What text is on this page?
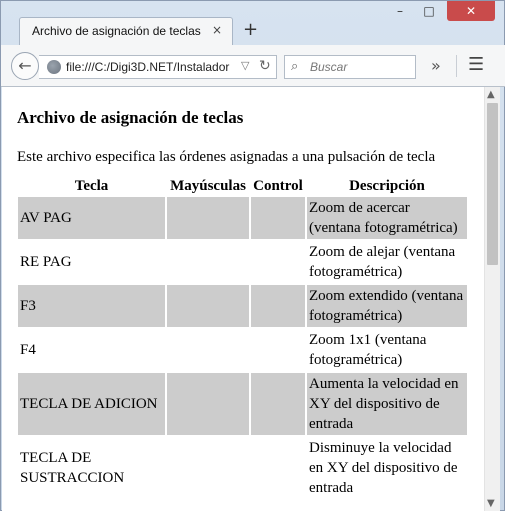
Archivo de asignación de teclas × +
–	□	✕
←	file:///C:/Digi3D.NET/Instalador	▽ ↻ ⌕ Buscar	» ☰
Archivo de asignación de teclas

Este archivo especifica las órdenes asignadas a una pulsación de tecla

Tecla	Mayúsculas	Control	Descripción
AV PAG			Zoom de acercar (ventana fotogramétrica)
RE PAG			Zoom de alejar (ventana fotogramétrica)
F3			Zoom extendido (ventana fotogramétrica)
F4			Zoom 1x1 (ventana fotogramétrica)
TECLA DE ADICION			Aumenta la velocidad en XY del dispositivo de entrada
TECLA DE SUSTRACCION			Disminuye la velocidad en XY del dispositivo de entrada
▲
▼
